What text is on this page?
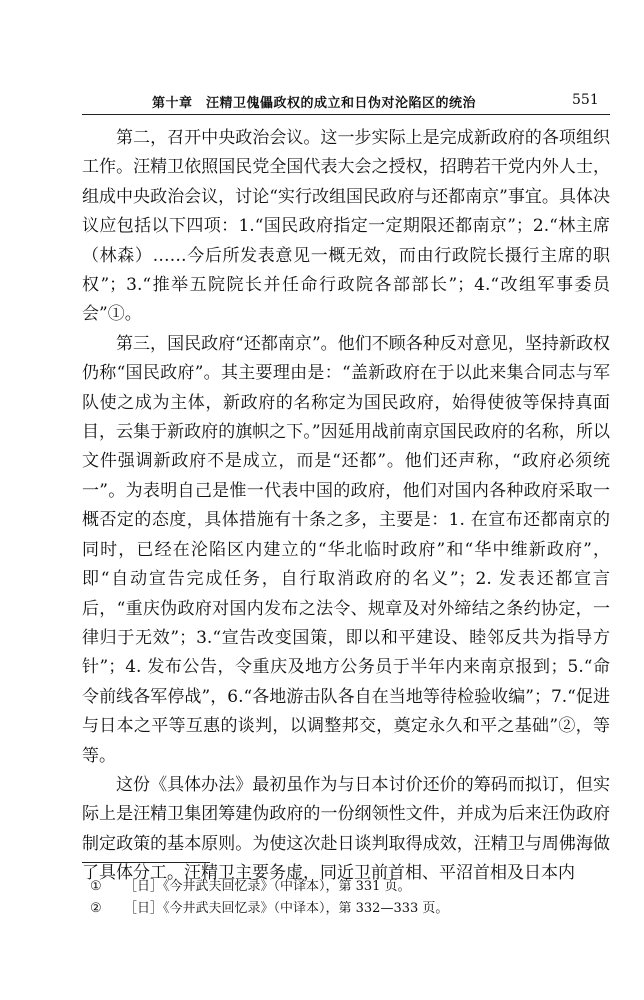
第十章　汪精卫傀儡政权的成立和日伪对沦陷区的统治	551

第二，召开中央政治会议。这一步实际上是完成新政府的各项组织工作。汪精卫依照国民党全国代表大会之授权，招聘若干党内外人士，组成中央政治会议，讨论“实行改组国民政府与还都南京”事宜。具体决议应包括以下四项：1.“国民政府指定一定期限还都南京”；2.“林主席（林森）……今后所发表意见一概无效，而由行政院长摄行主席的职权”；3.“推举五院院长并任命行政院各部部长”；4.“改组军事委员会”①。

第三，国民政府“还都南京”。他们不顾各种反对意见，坚持新政权仍称“国民政府”。其主要理由是：“盖新政府在于以此来集合同志与军队使之成为主体，新政府的名称定为国民政府，始得使彼等保持真面目，云集于新政府的旗帜之下。”因延用战前南京国民政府的名称，所以文件强调新政府不是成立，而是“还都”。他们还声称，“政府必须统一”。为表明自己是惟一代表中国的政府，他们对国内各种政府采取一概否定的态度，具体措施有十条之多，主要是：1. 在宣布还都南京的同时，已经在沦陷区内建立的“华北临时政府”和“华中维新政府”，即“自动宣告完成任务，自行取消政府的名义”；2. 发表还都宣言后，“重庆伪政府对国内发布之法令、规章及对外缔结之条约协定，一律归于无效”；3.“宣告改变国策，即以和平建设、睦邻反共为指导方针”；4. 发布公告，令重庆及地方公务员于半年内来南京报到；5.“命令前线各军停战”，6.“各地游击队各自在当地等待检验收编”；7.“促进与日本之平等互惠的谈判，以调整邦交，奠定永久和平之基础”②，等等。

这份《具体办法》最初虽作为与日本讨价还价的筹码而拟订，但实际上是汪精卫集团筹建伪政府的一份纲领性文件，并成为后来汪伪政府制定政策的基本原则。为使这次赴日谈判取得成效，汪精卫与周佛海做了具体分工。汪精卫主要务虚，同近卫前首相、平沼首相及日本内

①	［日］《今井武夫回忆录》（中译本），第 331 页。
②	［日］《今井武夫回忆录》（中译本），第 332—333 页。
